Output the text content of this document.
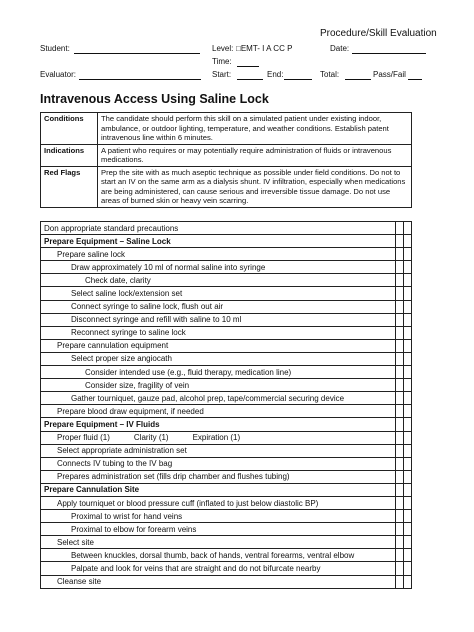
Procedure/Skill Evaluation
Student:	Level: □EMT- I A CC P	Date:
Time:
Evaluator:	Start:	End:	Total:	Pass/Fail
Intravenous Access Using Saline Lock
Conditions	The candidate should perform this skill on a simulated patient under existing indoor, ambulance, or outdoor lighting, temperature, and weather conditions. Establish patent intravenous line within 6 minutes.
Indications	A patient who requires or may potentially require administration of fluids or intravenous medications.
Red Flags	Prep the site with as much aseptic technique as possible under field conditions. Do not to start an IV on the same arm as a dialysis shunt. IV infiltration, especially when medications are being administered, can cause serious and irreversible tissue damage. Do not use areas of burned skin or heavy vein scarring.
Don appropriate standard precautions		
Prepare Equipment – Saline Lock		
Prepare saline lock		
Draw approximately 10 ml of normal saline into syringe		
Check date, clarity		
Select saline lock/extension set		
Connect syringe to saline lock, flush out air		
Disconnect syringe and refill with saline to 10 ml		
Reconnect syringe to saline lock		
Prepare cannulation equipment		
Select proper size angiocath		
Consider intended use (e.g., fluid therapy, medication line)		
Consider size, fragility of vein		
Gather tourniquet, gauze pad, alcohol prep, tape/commercial securing device		
Prepare blood draw equipment, if needed		
Prepare Equipment – IV Fluids		
Proper fluid (1) Clarity (1) Expiration (1)		
Select appropriate administration set		
Connects IV tubing to the IV bag		
Prepares administration set (fills drip chamber and flushes tubing)		
Prepare Cannulation Site		
Apply tourniquet or blood pressure cuff (inflated to just below diastolic BP)		
Proximal to wrist for hand veins		
Proximal to elbow for forearm veins		
Select site		
Between knuckles, dorsal thumb, back of hands, ventral forearms, ventral elbow		
Palpate and look for veins that are straight and do not bifurcate nearby		
Cleanse site		
